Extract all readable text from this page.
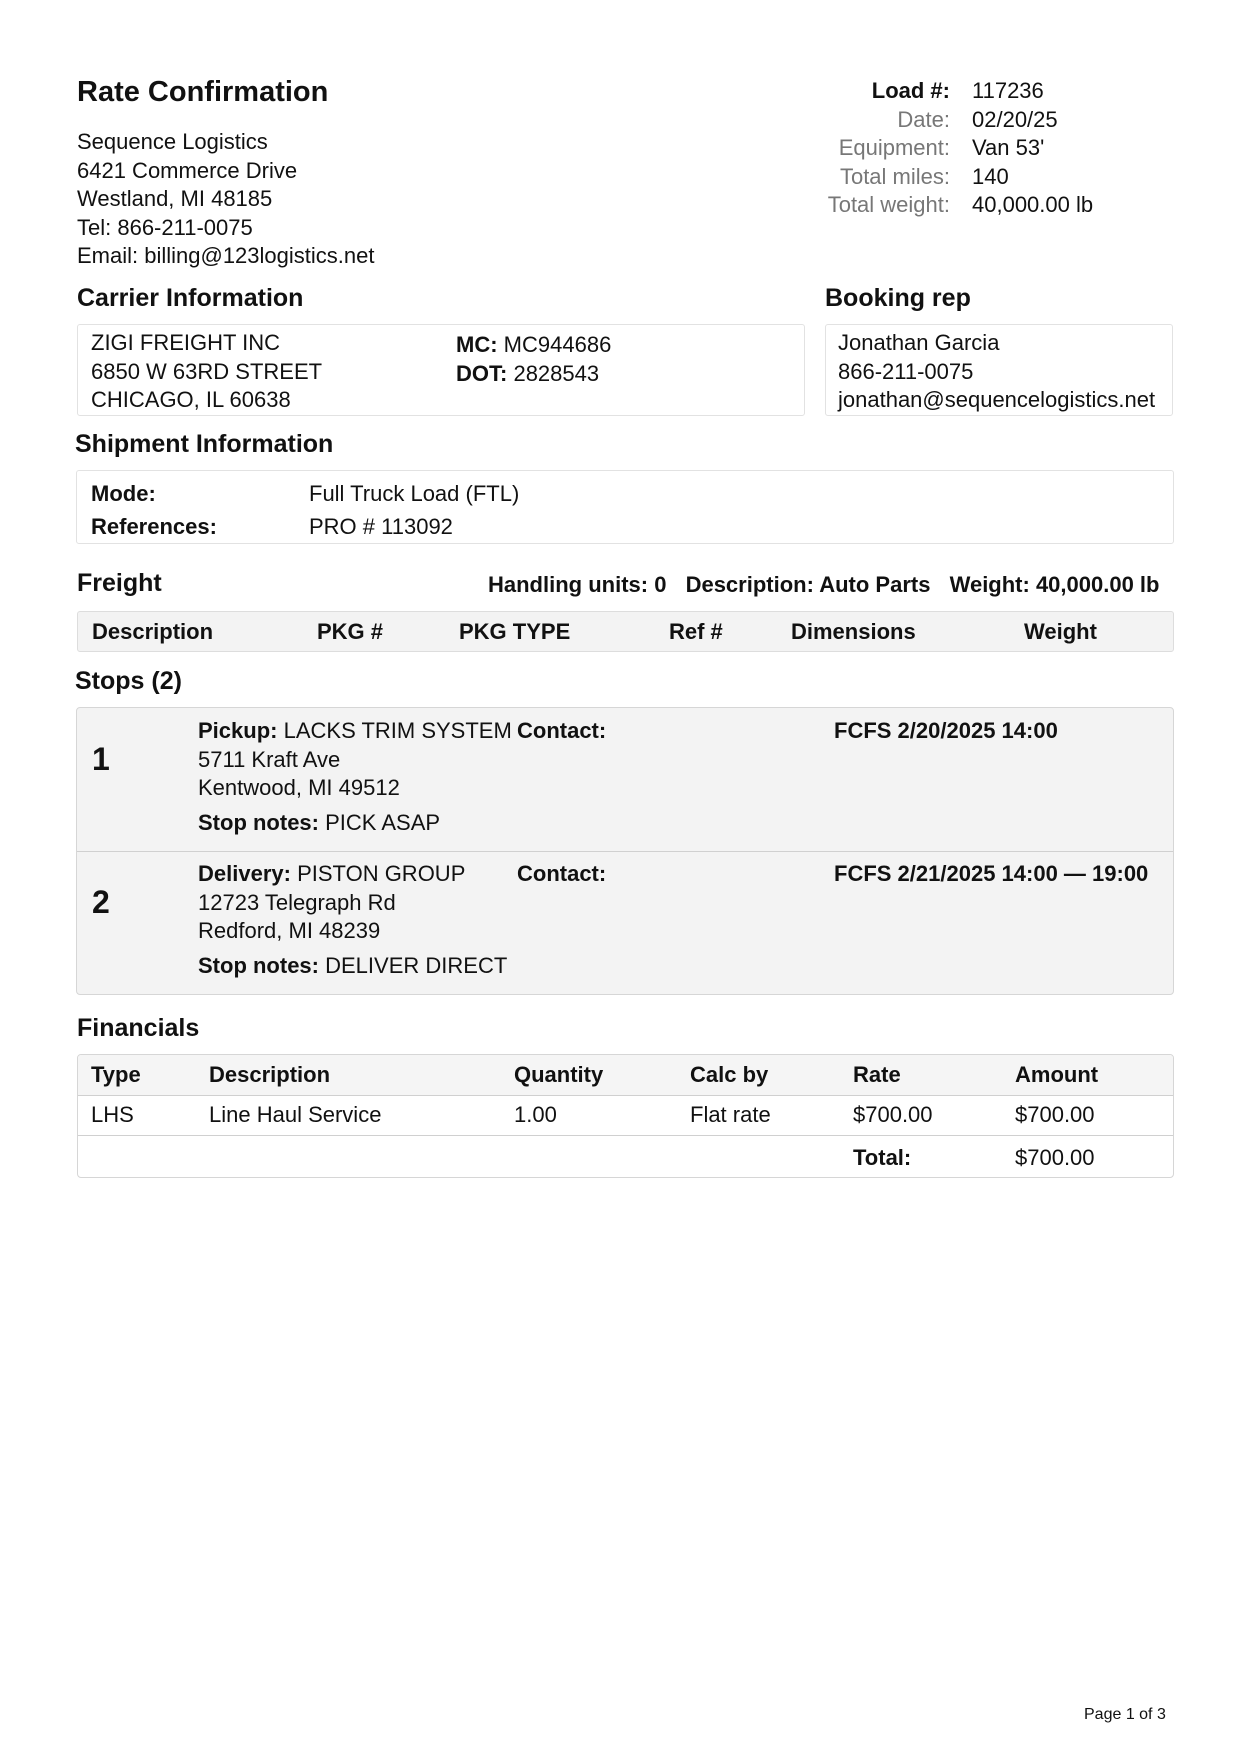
Rate Confirmation
Sequence Logistics
6421 Commerce Drive
Westland, MI 48185
Tel: 866-211-0075
Email: billing@123logistics.net
Load #: 117236
Date: 02/20/25
Equipment: Van 53'
Total miles: 140
Total weight: 40,000.00 lb
Carrier Information
ZIGI FREIGHT INC
6850 W 63RD STREET
CHICAGO, IL 60638
MC: MC944686
DOT: 2828543
Booking rep
Jonathan Garcia
866-211-0075
jonathan@sequencelogistics.net
Shipment Information
Mode:	Full Truck Load (FTL)
References:	PRO # 113092
Freight	Handling units: 0 Description: Auto Parts Weight: 40,000.00 lb
Description	PKG #	PKG TYPE	Ref #	Dimensions	Weight
Stops (2)
1
Pickup: LACKS TRIM SYSTEM
5711 Kraft Ave
Kentwood, MI 49512
Contact:	FCFS 2/20/2025 14:00
Stop notes: PICK ASAP
2
Delivery: PISTON GROUP
12723 Telegraph Rd
Redford, MI 48239
Contact:	FCFS 2/21/2025 14:00 — 19:00
Stop notes: DELIVER DIRECT
Financials
Type	Description	Quantity	Calc by	Rate	Amount
LHS	Line Haul Service	1.00	Flat rate	$700.00	$700.00
Total:	$700.00
Page 1 of 3
